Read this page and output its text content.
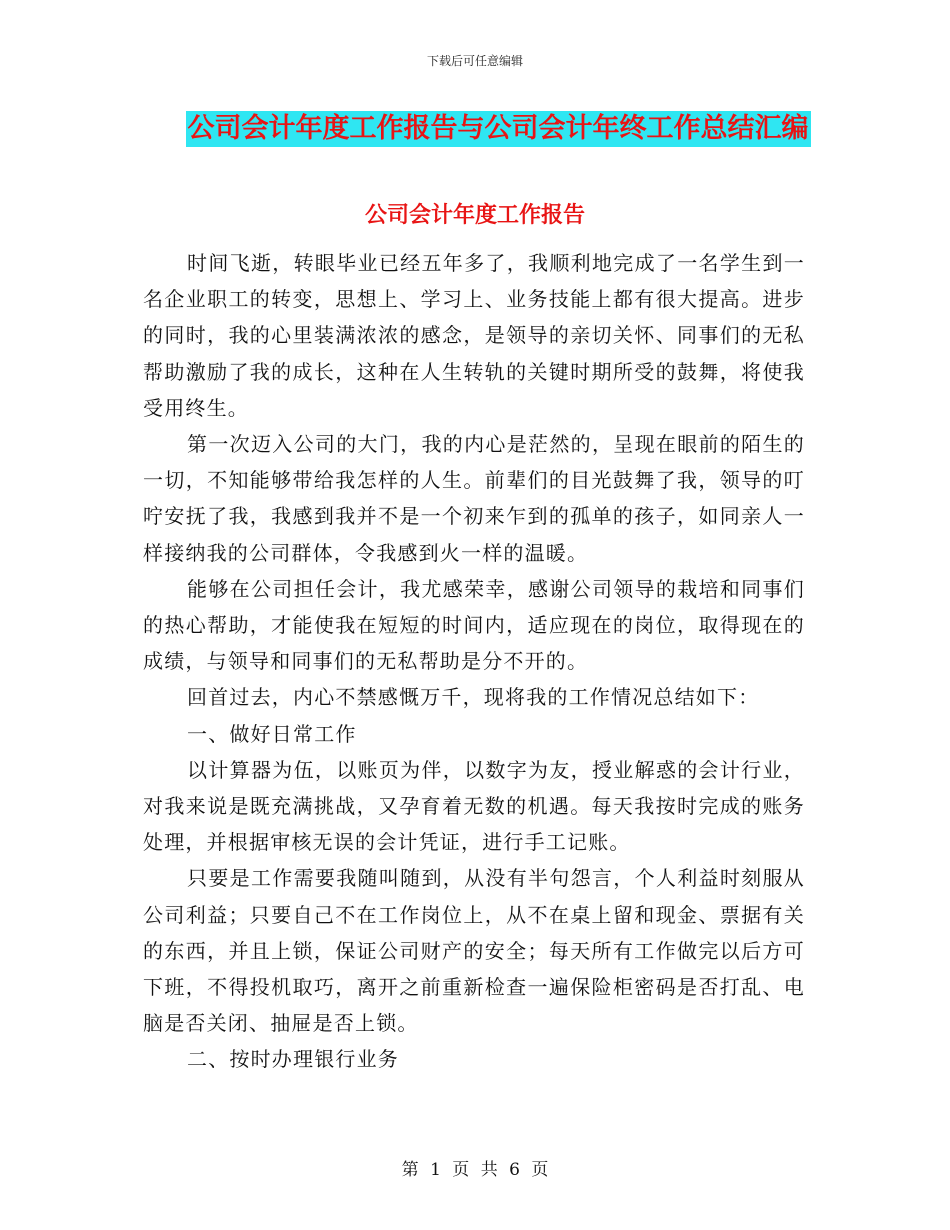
下载后可任意编辑
公司会计年度工作报告与公司会计年终工作总结汇编
公司会计年度工作报告

时间飞逝，转眼毕业已经五年多了，我顺利地完成了一名学生到一名企业职工的转变，思想上、学习上、业务技能上都有很大提高。进步的同时，我的心里装满浓浓的感念，是领导的亲切关怀、同事们的无私帮助激励了我的成长，这种在人生转轨的关键时期所受的鼓舞，将使我受用终生。

第一次迈入公司的大门，我的内心是茫然的，呈现在眼前的陌生的一切，不知能够带给我怎样的人生。前辈们的目光鼓舞了我，领导的叮咛安抚了我，我感到我并不是一个初来乍到的孤单的孩子，如同亲人一样接纳我的公司群体，令我感到火一样的温暖。

能够在公司担任会计，我尤感荣幸，感谢公司领导的栽培和同事们的热心帮助，才能使我在短短的时间内，适应现在的岗位，取得现在的成绩，与领导和同事们的无私帮助是分不开的。

回首过去，内心不禁感慨万千，现将我的工作情况总结如下：

一、做好日常工作

以计算器为伍，以账页为伴，以数字为友，授业解惑的会计行业，对我来说是既充满挑战，又孕育着无数的机遇。每天我按时完成的账务处理，并根据审核无误的会计凭证，进行手工记账。

只要是工作需要我随叫随到，从没有半句怨言，个人利益时刻服从公司利益；只要自己不在工作岗位上，从不在桌上留和现金、票据有关的东西，并且上锁，保证公司财产的安全；每天所有工作做完以后方可下班，不得投机取巧，离开之前重新检查一遍保险柜密码是否打乱、电脑是否关闭、抽屉是否上锁。

二、按时办理银行业务

第 1 页 共 6 页
